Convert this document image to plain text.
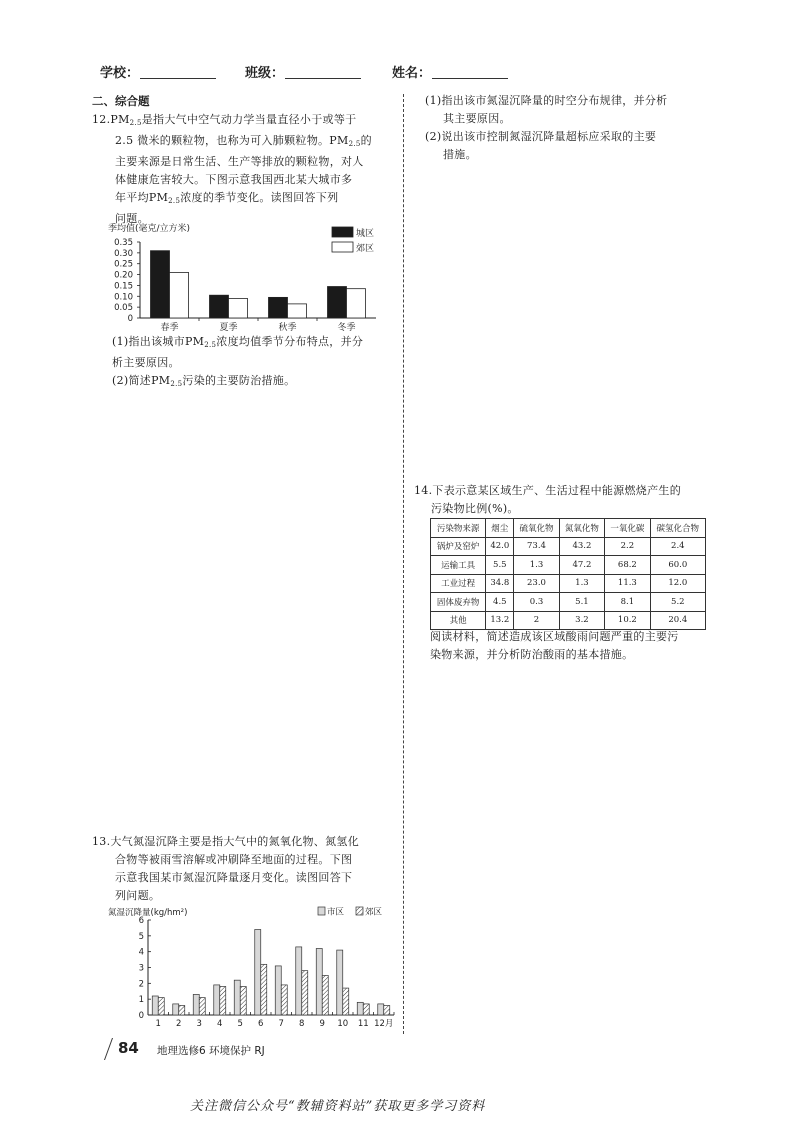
学校：	班级：	姓名：
二、综合题

$12.PM_{2.5}$是指大气中空气动力学当量直径小于或等于

2.5 微米的颗粒物，也称为可入肺颗粒物。$PM_{2.5}$的

主要来源是日常生活、生产等排放的颗粒物，对人

体健康危害较大。下图示意我国西北某大城市多

年平均$PM_{2.5}$浓度的季节变化。读图回答下列

问题。

季均值(毫克/立方米)
0
0.05
0.10
0.15
0.20
0.25
0.30
0.35
春季	夏季	秋季	冬季
城区
郊区

(1)指出该城市$PM_{2.5}$浓度均值季节分布特点，并分

析主要原因。

(2)简述$PM_{2.5}$污染的主要防治措施。

(1)指出该市氮湿沉降量的时空分布规律，并分析

其主要原因。

(2)说出该市控制氮湿沉降量超标应采取的主要

措施。

14.下表示意某区域生产、生活过程中能源燃烧产生的

污染物比例(%)。

污染物来源	烟尘	硫氧化物	氮氧化物	一氧化碳	碳氢化合物
锅炉及窑炉	42.0	73.4	43.2	2.2	2.4
运输工具	5.5	1.3	47.2	68.2	60.0
工业过程	34.8	23.0	1.3	11.3	12.0
固体废弃物	4.5	0.3	5.1	8.1	5.2
其他	13.2	2	3.2	10.2	20.4

阅读材料，简述造成该区域酸雨问题严重的主要污

染物来源，并分析防治酸雨的基本措施。

13.大气氮湿沉降主要是指大气中的氮氧化物、氮氢化

合物等被雨雪溶解或冲刷降至地面的过程。下图

示意我国某市氮湿沉降量逐月变化。读图回答下

列问题。

氮湿沉降量(kg/hm²)
0
1
2
3
4
5
6
1 2 3 4 5 6 7 8 9 10 11 12月
市区 郊区
84 地理选修6 环境保护 RJ
关注微信公众号“教辅资料站”获取更多学习资料
